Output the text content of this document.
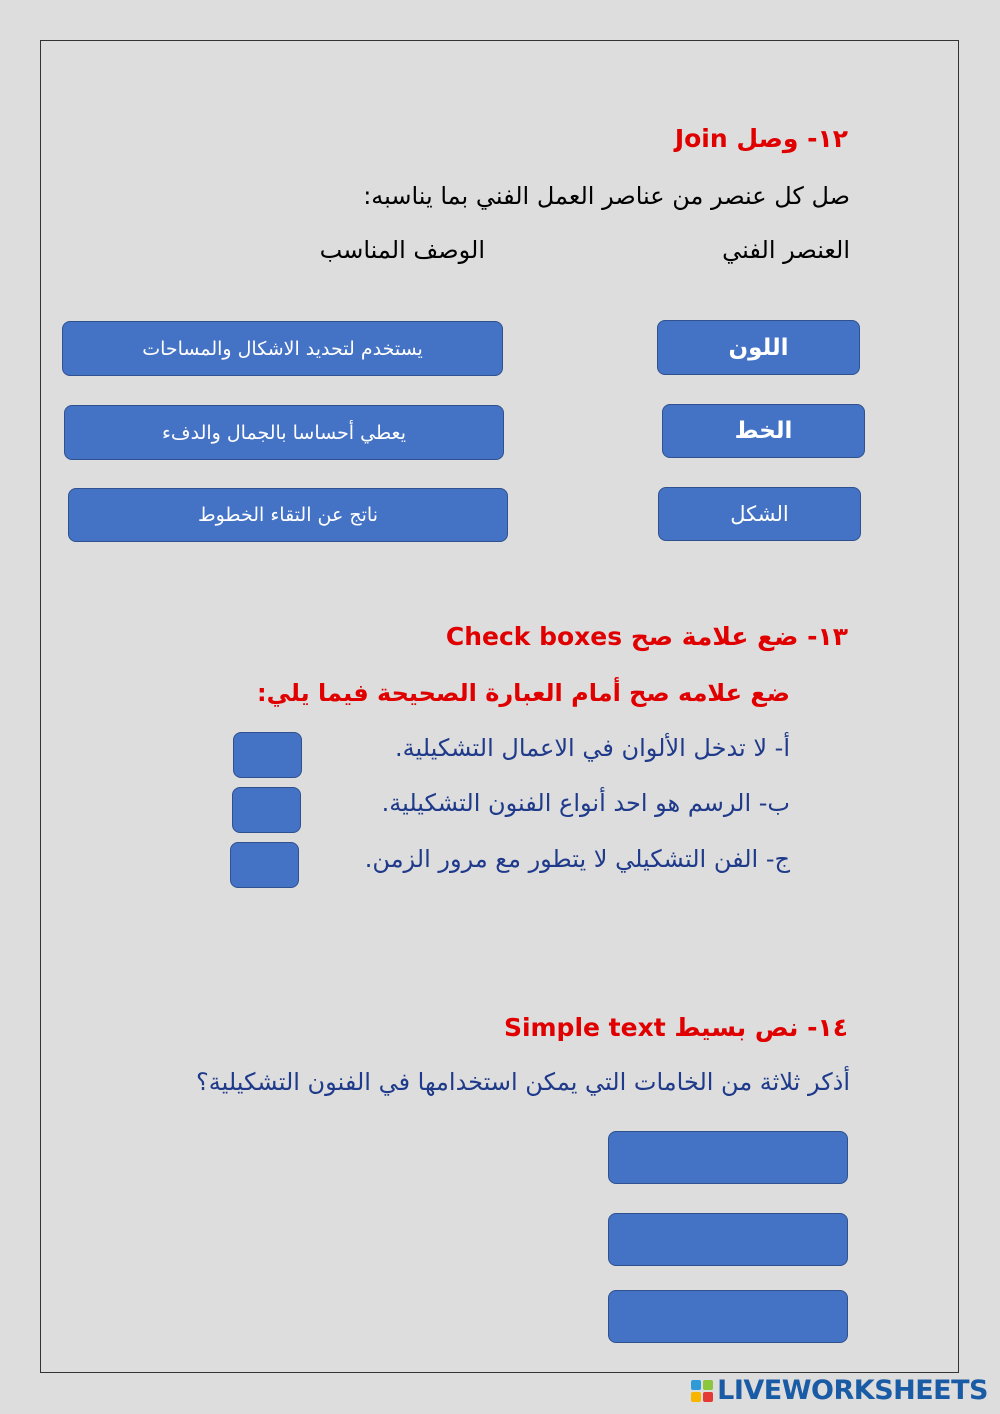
١٢- وصل Join
صل كل عنصر من عناصر العمل الفني بما يناسبه:
العنصر الفني
الوصف المناسب
يستخدم لتحديد الاشكال والمساحات
يعطي أحساسا بالجمال والدفء
ناتج عن التقاء الخطوط
اللون
الخط
الشكل
١٣- ضع علامة صح Check boxes
ضع علامه صح أمام العبارة الصحيحة فيما يلي:
أ- لا تدخل الألوان في الاعمال التشكيلية.
ب- الرسم هو احد أنواع الفنون التشكيلية.
ج- الفن التشكيلي لا يتطور مع مرور الزمن.
١٤- نص بسيط Simple text
أذكر ثلاثة من الخامات التي يمكن استخدامها في الفنون التشكيلية؟
LIVEWORKSHEETS
